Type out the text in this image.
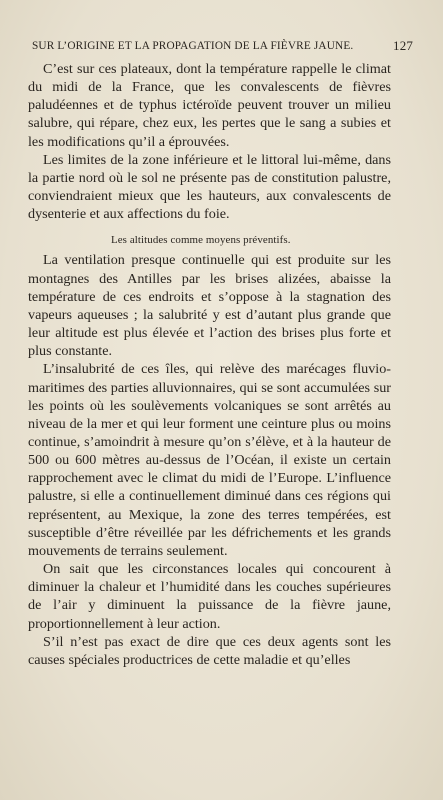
SUR L’ORIGINE ET LA PROPAGATION DE LA FIÈVRE JAUNE.	127

C’est sur ces plateaux, dont la température rappelle le climat du midi de la France, que les convalescents de fièvres paludéennes et de typhus ictéroïde peuvent trouver un milieu salubre, qui répare, chez eux, les pertes que le sang a subies et les modifications qu’il a éprouvées.

Les limites de la zone inférieure et le littoral lui-même, dans la partie nord où le sol ne présente pas de constitution palustre, conviendraient mieux que les hauteurs, aux convalescents de dysenterie et aux affections du foie.

Les altitudes comme moyens préventifs.

La ventilation presque continuelle qui est produite sur les montagnes des Antilles par les brises alizées, abaisse la température de ces endroits et s’oppose à la stagnation des vapeurs aqueuses ; la salubrité y est d’autant plus grande que leur altitude est plus élevée et l’action des brises plus forte et plus constante.

L’insalubrité de ces îles, qui relève des marécages fluvio-maritimes des parties alluvionnaires, qui se sont accumulées sur les points où les soulèvements volcaniques se sont arrêtés au niveau de la mer et qui leur forment une ceinture plus ou moins continue, s’amoindrit à mesure qu’on s’élève, et à la hauteur de 500 ou 600 mètres au-dessus de l’Océan, il existe un certain rapprochement avec le climat du midi de l’Europe. L’influence palustre, si elle a continuellement diminué dans ces régions qui représentent, au Mexique, la zone des terres tempérées, est susceptible d’être réveillée par les défrichements et les grands mouvements de terrains seulement.

On sait que les circonstances locales qui concourent à diminuer la chaleur et l’humidité dans les couches supérieures de l’air y diminuent la puissance de la fièvre jaune, proportionnellement à leur action.

S’il n’est pas exact de dire que ces deux agents sont les causes spéciales productrices de cette maladie et qu’elles
